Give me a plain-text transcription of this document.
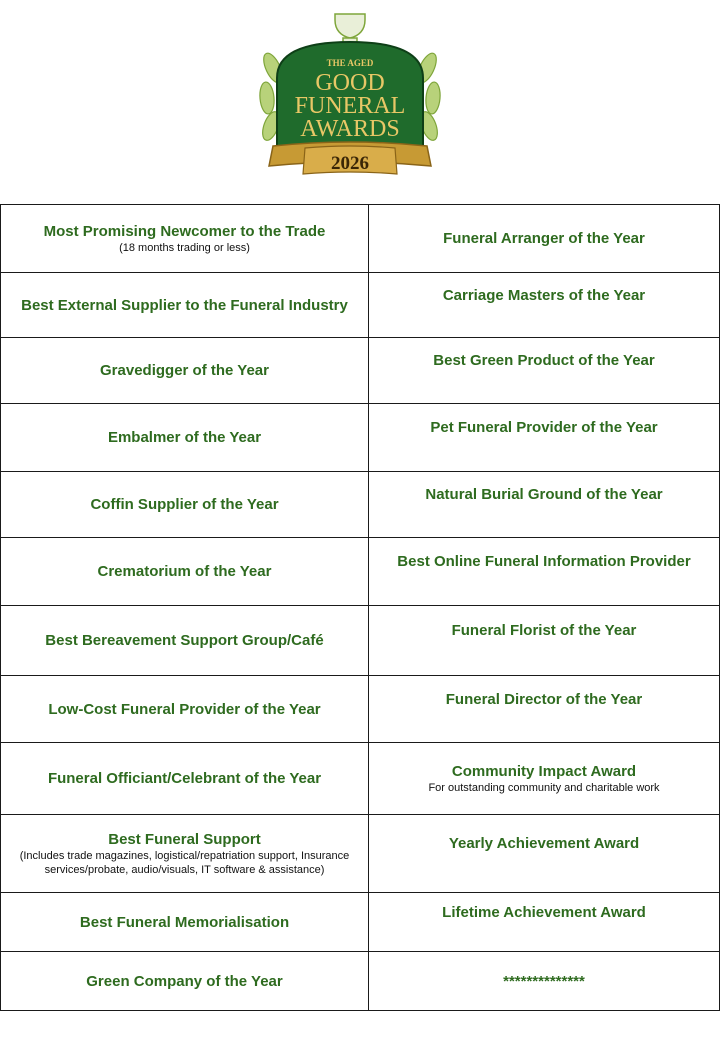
THE AGED
GOOD
FUNERAL
AWARDS
2026
Most Promising Newcomer to the Trade
(18 months trading or less)	Funeral Arranger of the Year

Best External Supplier to the Funeral Industry	Carriage Masters of the Year

Gravedigger of the Year	Best Green Product of the Year

Embalmer of the Year	Pet Funeral Provider of the Year

Coffin Supplier of the Year	Natural Burial Ground of the Year

Crematorium of the Year	Best Online Funeral Information Provider

Best Bereavement Support Group/Café	Funeral Florist of the Year

Low-Cost Funeral Provider of the Year	Funeral Director of the Year

Funeral Officiant/Celebrant of the Year	Community Impact Award
For outstanding community and charitable work

Best Funeral Support
(Includes trade magazines, logistical/repatriation support, Insurance services/probate, audio/visuals, IT software & assistance)	Yearly Achievement Award

Best Funeral Memorialisation	Lifetime Achievement Award

Green Company of the Year	**************
